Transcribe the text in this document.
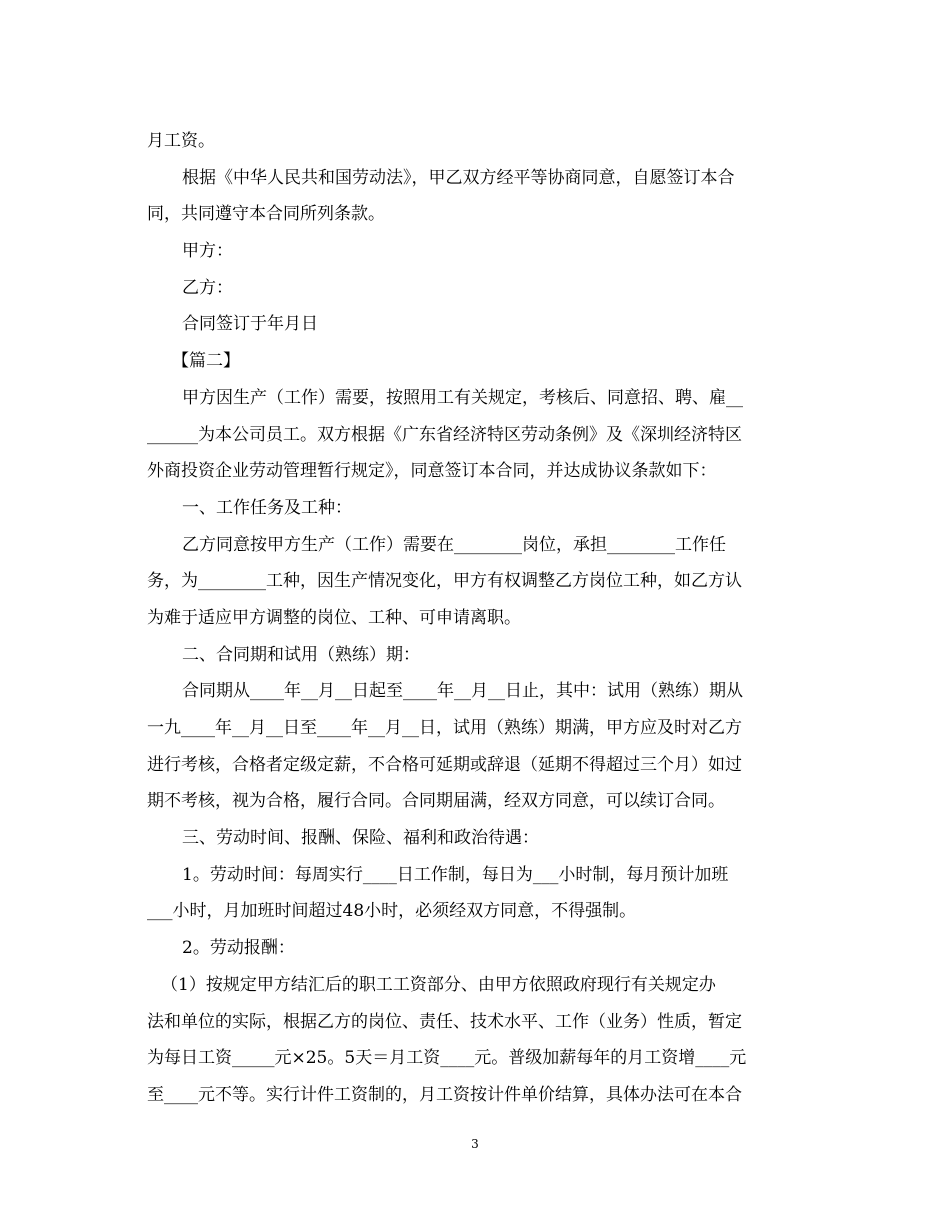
月工资。
根据《中华人民共和国劳动法》，甲乙双方经平等协商同意，自愿签订本合
同，共同遵守本合同所列条款。
甲方：
乙方：
合同签订于年月日
【篇二】
甲方因生产（工作）需要，按照用工有关规定，考核后、同意招、聘、雇__
______为本公司员工。双方根据《广东省经济特区劳动条例》及《深圳经济特区
外商投资企业劳动管理暂行规定》，同意签订本合同，并达成协议条款如下：
一、工作任务及工种：
乙方同意按甲方生产（工作）需要在________岗位，承担________工作任
务，为________工种，因生产情况变化，甲方有权调整乙方岗位工种，如乙方认
为难于适应甲方调整的岗位、工种、可申请离职。
二、合同期和试用（熟练）期：
合同期从____年__月__日起至____年__月__日止，其中：试用（熟练）期从
一九____年__月__日至____年__月__日，试用（熟练）期满，甲方应及时对乙方
进行考核，合格者定级定薪，不合格可延期或辞退（延期不得超过三个月）如过
期不考核，视为合格，履行合同。合同期届满，经双方同意，可以续订合同。
三、劳动时间、报酬、保险、福利和政治待遇：
1。劳动时间：每周实行____日工作制，每日为___小时制，每月预计加班
___小时，月加班时间超过48小时，必须经双方同意，不得强制。
2。劳动报酬：
（1）按规定甲方结汇后的职工工资部分、由甲方依照政府现行有关规定办
法和单位的实际，根据乙方的岗位、责任、技术水平、工作（业务）性质，暂定
为每日工资_____元×25。5天＝月工资____元。普级加薪每年的月工资增____元
至____元不等。实行计件工资制的，月工资按计件单价结算，具体办法可在本合
3
